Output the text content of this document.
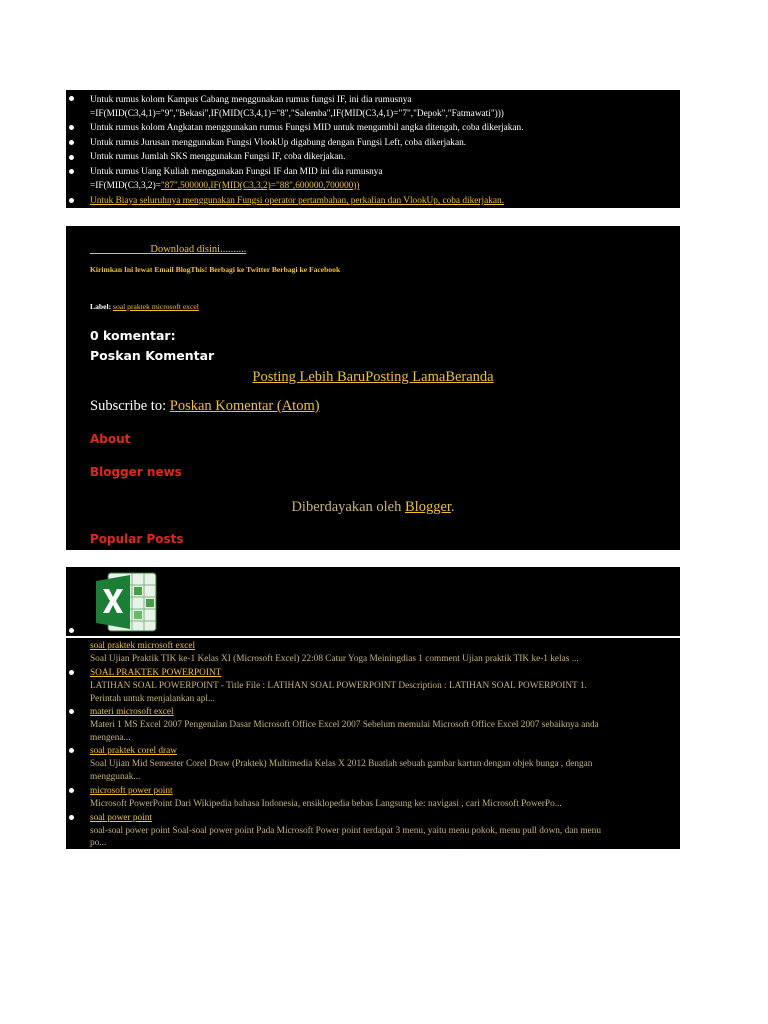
Untuk rumus kolom Kampus Cabang menggunakan rumus fungsi IF, ini dia rumusnya
=IF(MID(C3,4,1)="9","Bekasi",IF(MID(C3,4,1)="8","Salemba",IF(MID(C3,4,1)="7","Depok","Fatmawati")))
Untuk rumus kolom Angkatan menggunakan rumus Fungsi MID untuk mengambil angka ditengah, coba dikerjakan.
Untuk rumus Jurusan menggunakan Fungsi VlookUp digabung dengan Fungsi Left, coba dikerjakan.
Untuk rumus Jumlah SKS menggunakan Fungsi IF, coba dikerjakan.
Untuk rumus Uang Kuliah menggunakan Fungsi IF dan MID ini dia rumusnya
=IF(MID(C3,3,2)="87",500000,IF(MID(C3,3,2)="88",600000,700000))
Untuk Biaya seluruhnya menggunakan Fungsi operator pertambahan, perkalian dan VlookUp, coba dikerjakan.
Download disini..........
Kirimkan Ini lewat Email BlogThis! Berbagi ke Twitter Berbagi ke Facebook
Label: soal praktek microsoft excel
0 komentar:
Poskan Komentar
Posting Lebih BaruPosting LamaBeranda
Subscribe to: Poskan Komentar (Atom)
About
Blogger news
Diberdayakan oleh Blogger.
Popular Posts
soal praktek microsoft excel
Soal Ujian Praktik TIK ke-1 Kelas XI (Microsoft Excel) 22:08 Catur Yoga Meiningdias 1 comment Ujian praktik TIK ke-1 kelas ...
SOAL PRAKTEK POWERPOINT
LATIHAN SOAL POWERPOINT - Title File : LATIHAN SOAL POWERPOINT Description : LATIHAN SOAL POWERPOINT 1.
Perintah untuk menjalankan apl...
materi microsoft excel
Materi 1 MS Excel 2007 Pengenalan Dasar Microsoft Office Excel 2007 Sebelum memulai Microsoft Office Excel 2007 sebaiknya anda
mengena...
soal praktek corel draw
Soal Ujian Mid Semester Corel Draw (Praktek) Multimedia Kelas X 2012 Buatlah sebuah gambar kartun dengan objek bunga , dengan
menggunak...
microsoft power point
Microsoft PowerPoint Dari Wikipedia bahasa Indonesia, ensiklopedia bebas Langsung ke: navigasi , cari Microsoft PowerPo...
soal power point
soal-soal power point Soal-soal power point Pada Microsoft Power point terdapat 3 menu, yaitu menu pokok, menu pull down, dan menu
po...
